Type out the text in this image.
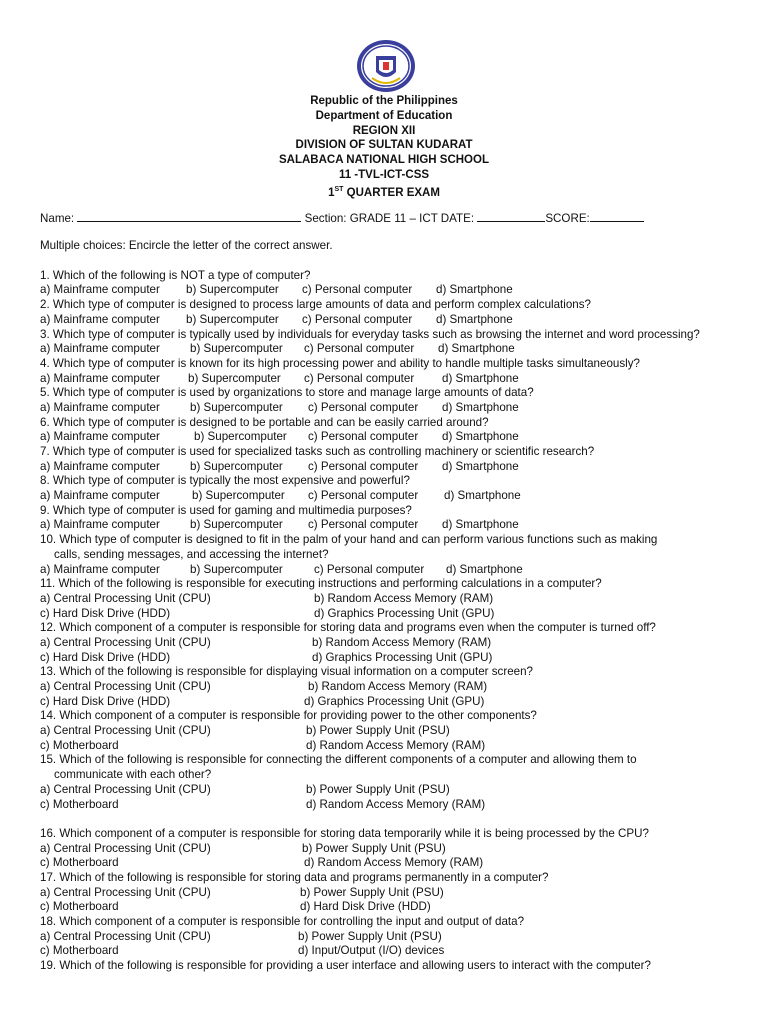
Republic of the Philippines
Department of Education
REGION XII
DIVISION OF SULTAN KUDARAT
SALABACA NATIONAL HIGH SCHOOL
11 -TVL-ICT-CSS
1ST QUARTER EXAM
Name:	Section: GRADE 11 – ICT DATE:	SCORE:
Multiple choices: Encircle the letter of the correct answer.
1. Which of the following is NOT a type of computer?
a) Mainframe computer b) Supercomputer c) Personal computer d) Smartphone
2. Which type of computer is designed to process large amounts of data and perform complex calculations?
a) Mainframe computer b) Supercomputer c) Personal computer d) Smartphone
3. Which type of computer is typically used by individuals for everyday tasks such as browsing the internet and word processing?
a) Mainframe computer	b) Supercomputer c) Personal computer d) Smartphone
4. Which type of computer is known for its high processing power and ability to handle multiple tasks simultaneously?
a) Mainframe computer b) Supercomputer c) Personal computer d) Smartphone
5. Which type of computer is used by organizations to store and manage large amounts of data?
a) Mainframe computer	b) Supercomputer c) Personal computer d) Smartphone
6. Which type of computer is designed to be portable and can be easily carried around?
a) Mainframe computer	b) Supercomputer c) Personal computer d) Smartphone
7. Which type of computer is used for specialized tasks such as controlling machinery or scientific research?
a) Mainframe computer	b) Supercomputer c) Personal computer d) Smartphone
8. Which type of computer is typically the most expensive and powerful?
a) Mainframe computer	b) Supercomputer c) Personal computer d) Smartphone
9. Which type of computer is used for gaming and multimedia purposes?
a) Mainframe computer	b) Supercomputer c) Personal computer d) Smartphone
10. Which type of computer is designed to fit in the palm of your hand and can perform various functions such as making
calls, sending messages, and accessing the internet?
a) Mainframe computer	b) Supercomputer	c) Personal computer d) Smartphone
11. Which of the following is responsible for executing instructions and performing calculations in a computer?
a) Central Processing Unit (CPU)	b) Random Access Memory (RAM)
c) Hard Disk Drive (HDD)	d) Graphics Processing Unit (GPU)
12. Which component of a computer is responsible for storing data and programs even when the computer is turned off?
a) Central Processing Unit (CPU)	b) Random Access Memory (RAM)
c) Hard Disk Drive (HDD)	d) Graphics Processing Unit (GPU)
13. Which of the following is responsible for displaying visual information on a computer screen?
a) Central Processing Unit (CPU)	b) Random Access Memory (RAM)
c) Hard Disk Drive (HDD)	d) Graphics Processing Unit (GPU)
14. Which component of a computer is responsible for providing power to the other components?
a) Central Processing Unit (CPU)	b) Power Supply Unit (PSU)
c) Motherboard	d) Random Access Memory (RAM)
15. Which of the following is responsible for connecting the different components of a computer and allowing them to
communicate with each other?
a) Central Processing Unit (CPU)	b) Power Supply Unit (PSU)
c) Motherboard	d) Random Access Memory (RAM)
16. Which component of a computer is responsible for storing data temporarily while it is being processed by the CPU?
a) Central Processing Unit (CPU)	b) Power Supply Unit (PSU)
c) Motherboard	d) Random Access Memory (RAM)
17. Which of the following is responsible for storing data and programs permanently in a computer?
a) Central Processing Unit (CPU)	b) Power Supply Unit (PSU)
c) Motherboard	d) Hard Disk Drive (HDD)
18. Which component of a computer is responsible for controlling the input and output of data?
a) Central Processing Unit (CPU)	b) Power Supply Unit (PSU)
c) Motherboard	d) Input/Output (I/O) devices
19. Which of the following is responsible for providing a user interface and allowing users to interact with the computer?
